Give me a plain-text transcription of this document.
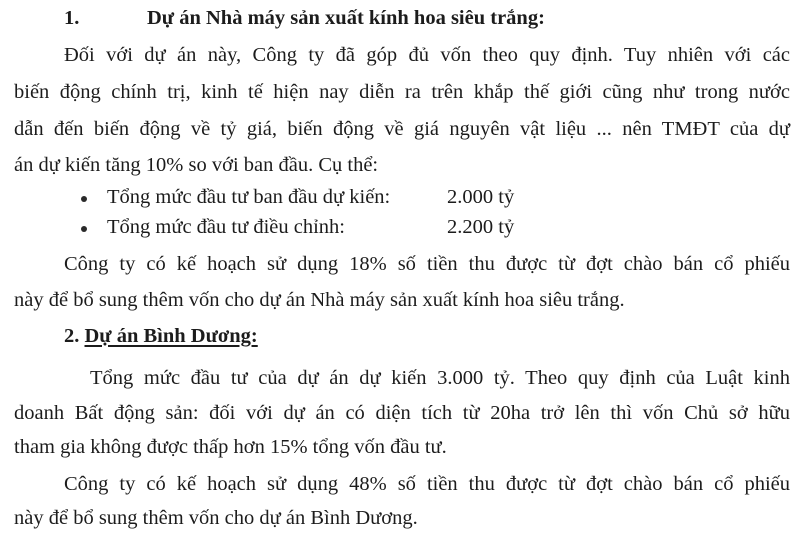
1.	Dự án Nhà máy sản xuất kính hoa siêu trắng:
Đối với dự án này, Công ty đã góp đủ vốn theo quy định. Tuy nhiên với các
biến động chính trị, kinh tế hiện nay diễn ra trên khắp thế giới cũng như trong nước
dẫn đến biến động về tỷ giá, biến động về giá nguyên vật liệu ... nên TMĐT của dự
án dự kiến tăng 10% so với ban đầu. Cụ thể:
Tổng mức đầu tư ban đầu dự kiến:	2.000 tỷ
Tổng mức đầu tư điều chỉnh:	2.200 tỷ
Công ty có kế hoạch sử dụng 18% số tiền thu được từ đợt chào bán cổ phiếu
này để bổ sung thêm vốn cho dự án Nhà máy sản xuất kính hoa siêu trắng.
2. Dự án Bình Dương:
Tổng mức đầu tư của dự án dự kiến 3.000 tỷ. Theo quy định của Luật kinh
doanh Bất động sản: đối với dự án có diện tích từ 20ha trở lên thì vốn Chủ sở hữu
tham gia không được thấp hơn 15% tổng vốn đầu tư.
Công ty có kế hoạch sử dụng 48% số tiền thu được từ đợt chào bán cổ phiếu
này để bổ sung thêm vốn cho dự án Bình Dương.
